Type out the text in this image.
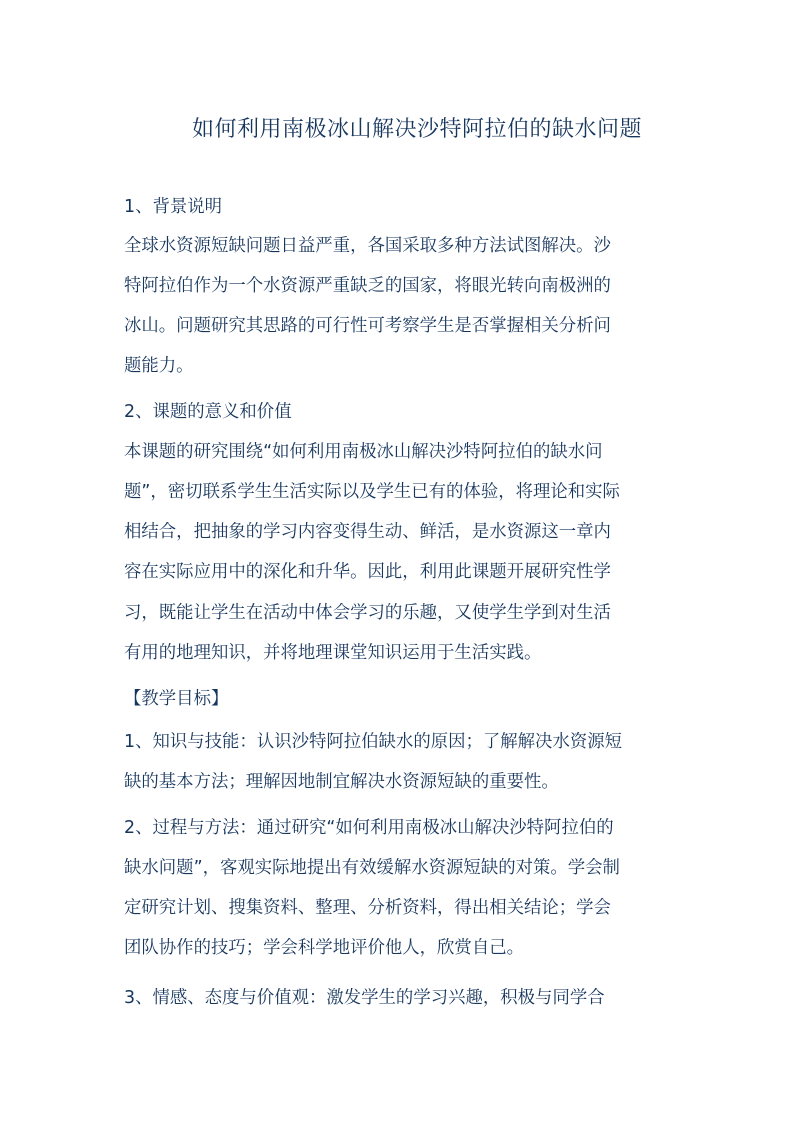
如何利用南极冰山解决沙特阿拉伯的缺水问题
1、背景说明
全球水资源短缺问题日益严重，各国采取多种方法试图解决。沙
特阿拉伯作为一个水资源严重缺乏的国家，将眼光转向南极洲的
冰山。问题研究其思路的可行性可考察学生是否掌握相关分析问
题能力。
2、课题的意义和价值
本课题的研究围绕“如何利用南极冰山解决沙特阿拉伯的缺水问
题”，密切联系学生生活实际以及学生已有的体验，将理论和实际
相结合，把抽象的学习内容变得生动、鲜活，是水资源这一章内
容在实际应用中的深化和升华。因此，利用此课题开展研究性学
习，既能让学生在活动中体会学习的乐趣，又使学生学到对生活
有用的地理知识，并将地理课堂知识运用于生活实践。
【教学目标】
1、知识与技能：认识沙特阿拉伯缺水的原因；了解解决水资源短
缺的基本方法；理解因地制宜解决水资源短缺的重要性。
2、过程与方法：通过研究“如何利用南极冰山解决沙特阿拉伯的
缺水问题”，客观实际地提出有效缓解水资源短缺的对策。学会制
定研究计划、搜集资料、整理、分析资料，得出相关结论；学会
团队协作的技巧；学会科学地评价他人，欣赏自己。
3、情感、态度与价值观：激发学生的学习兴趣，积极与同学合
